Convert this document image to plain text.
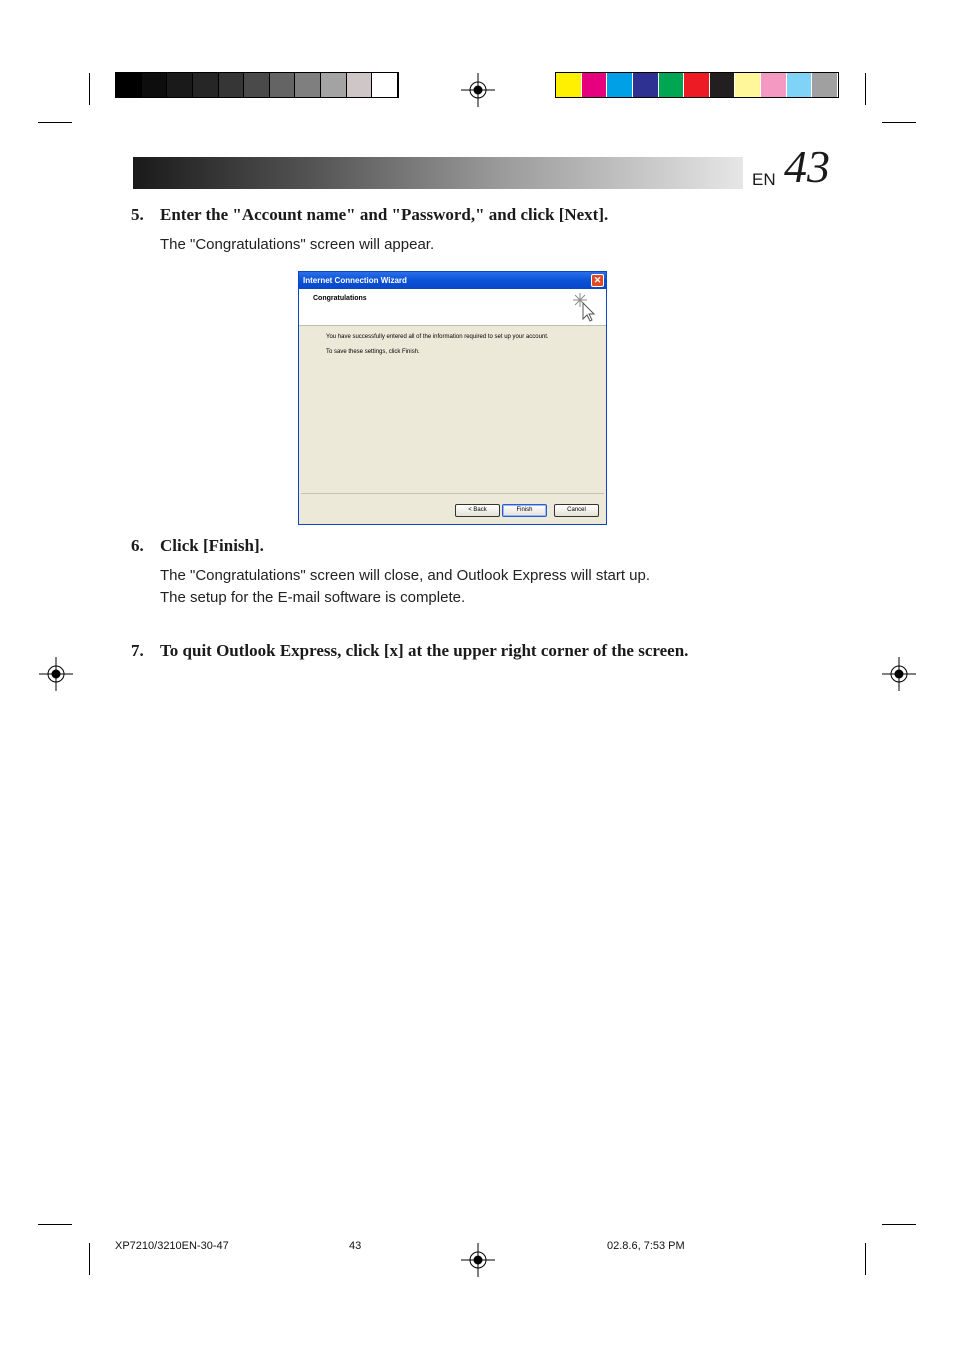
EN 43
5. Enter the "Account name" and "Password," and click [Next].
The "Congratulations" screen will appear.
Internet Connection Wizard	✕
Congratulations
You have successfully entered all of the information required to set up your account.
To save these settings, click Finish.
< Back	Finish	Cancel
6. Click [Finish].
The "Congratulations" screen will close, and Outlook Express will start up.
The setup for the E-mail software is complete.
7. To quit Outlook Express, click [x] at the upper right corner of the screen.
XP7210/3210EN-30-47	43	02.8.6, 7:53 PM
